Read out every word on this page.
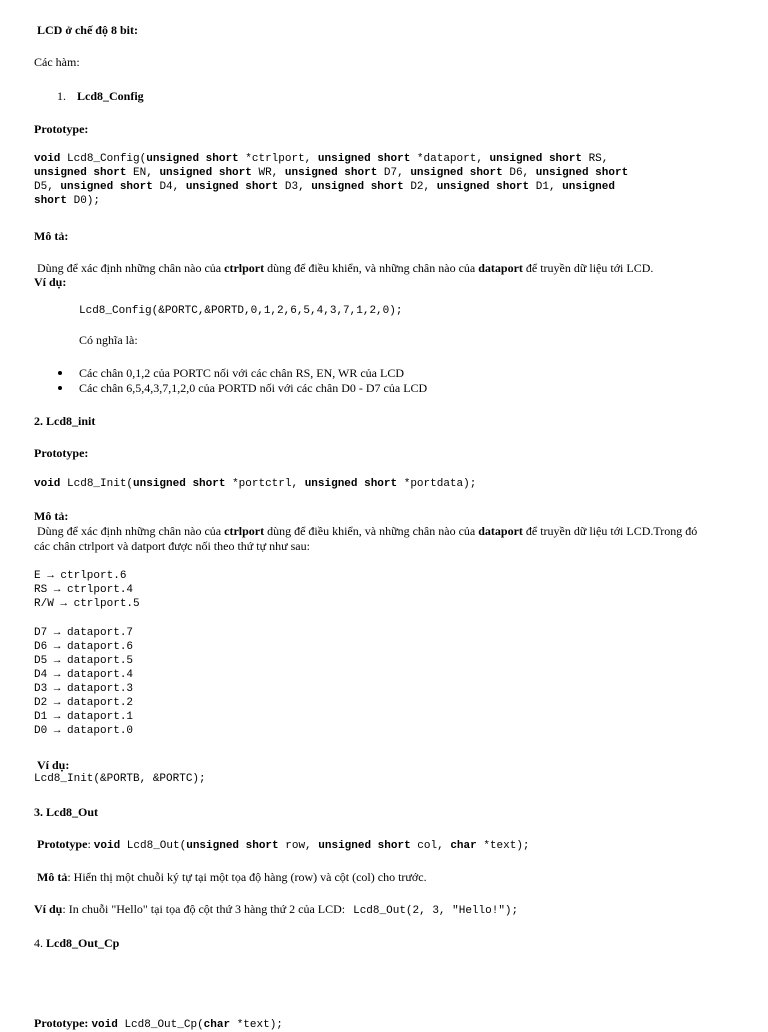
LCD ở chế độ 8 bit:
Các hàm:
1. Lcd8_Config
Prototype:
void Lcd8_Config(unsigned short *ctrlport, unsigned short *dataport, unsigned short RS,
unsigned short EN, unsigned short WR, unsigned short D7, unsigned short D6, unsigned short
D5, unsigned short D4, unsigned short D3, unsigned short D2, unsigned short D1, unsigned
short D0);
Mô tả:
Dùng để xác định những chân nào của ctrlport dùng để điều khiển, và những chân nào của dataport để truyền dữ liệu tới LCD.
Ví dụ:
Lcd8_Config(&PORTC,&PORTD,0,1,2,6,5,4,3,7,1,2,0);
Có nghĩa là:
Các chân 0,1,2 của PORTC nối với các chân RS, EN, WR của LCD
Các chân 6,5,4,3,7,1,2,0 của PORTD nối với các chân D0 - D7 của LCD
2. Lcd8_init
Prototype:
void Lcd8_Init(unsigned short *portctrl, unsigned short *portdata);
Mô tả:
Dùng để xác định những chân nào của ctrlport dùng để điều khiển, và những chân nào của dataport để truyền dữ liệu tới LCD.Trong đó
các chân ctrlport và datport được nối theo thứ tự như sau:
E → ctrlport.6
RS → ctrlport.4
R/W → ctrlport.5
D7 → dataport.7
D6 → dataport.6
D5 → dataport.5
D4 → dataport.4
D3 → dataport.3
D2 → dataport.2
D1 → dataport.1
D0 → dataport.0
Ví dụ:
Lcd8_Init(&PORTB, &PORTC);
3. Lcd8_Out
Prototype: void Lcd8_Out(unsigned short row, unsigned short col, char *text);
Mô tả: Hiển thị một chuỗi ký tự tại một tọa độ hàng (row) và cột (col) cho trước.
Ví dụ: In chuỗi "Hello" tại tọa độ cột thứ 3 hàng thứ 2 của LCD: Lcd8_Out(2, 3, "Hello!");
4. Lcd8_Out_Cp
Prototype: void Lcd8_Out_Cp(char *text);
